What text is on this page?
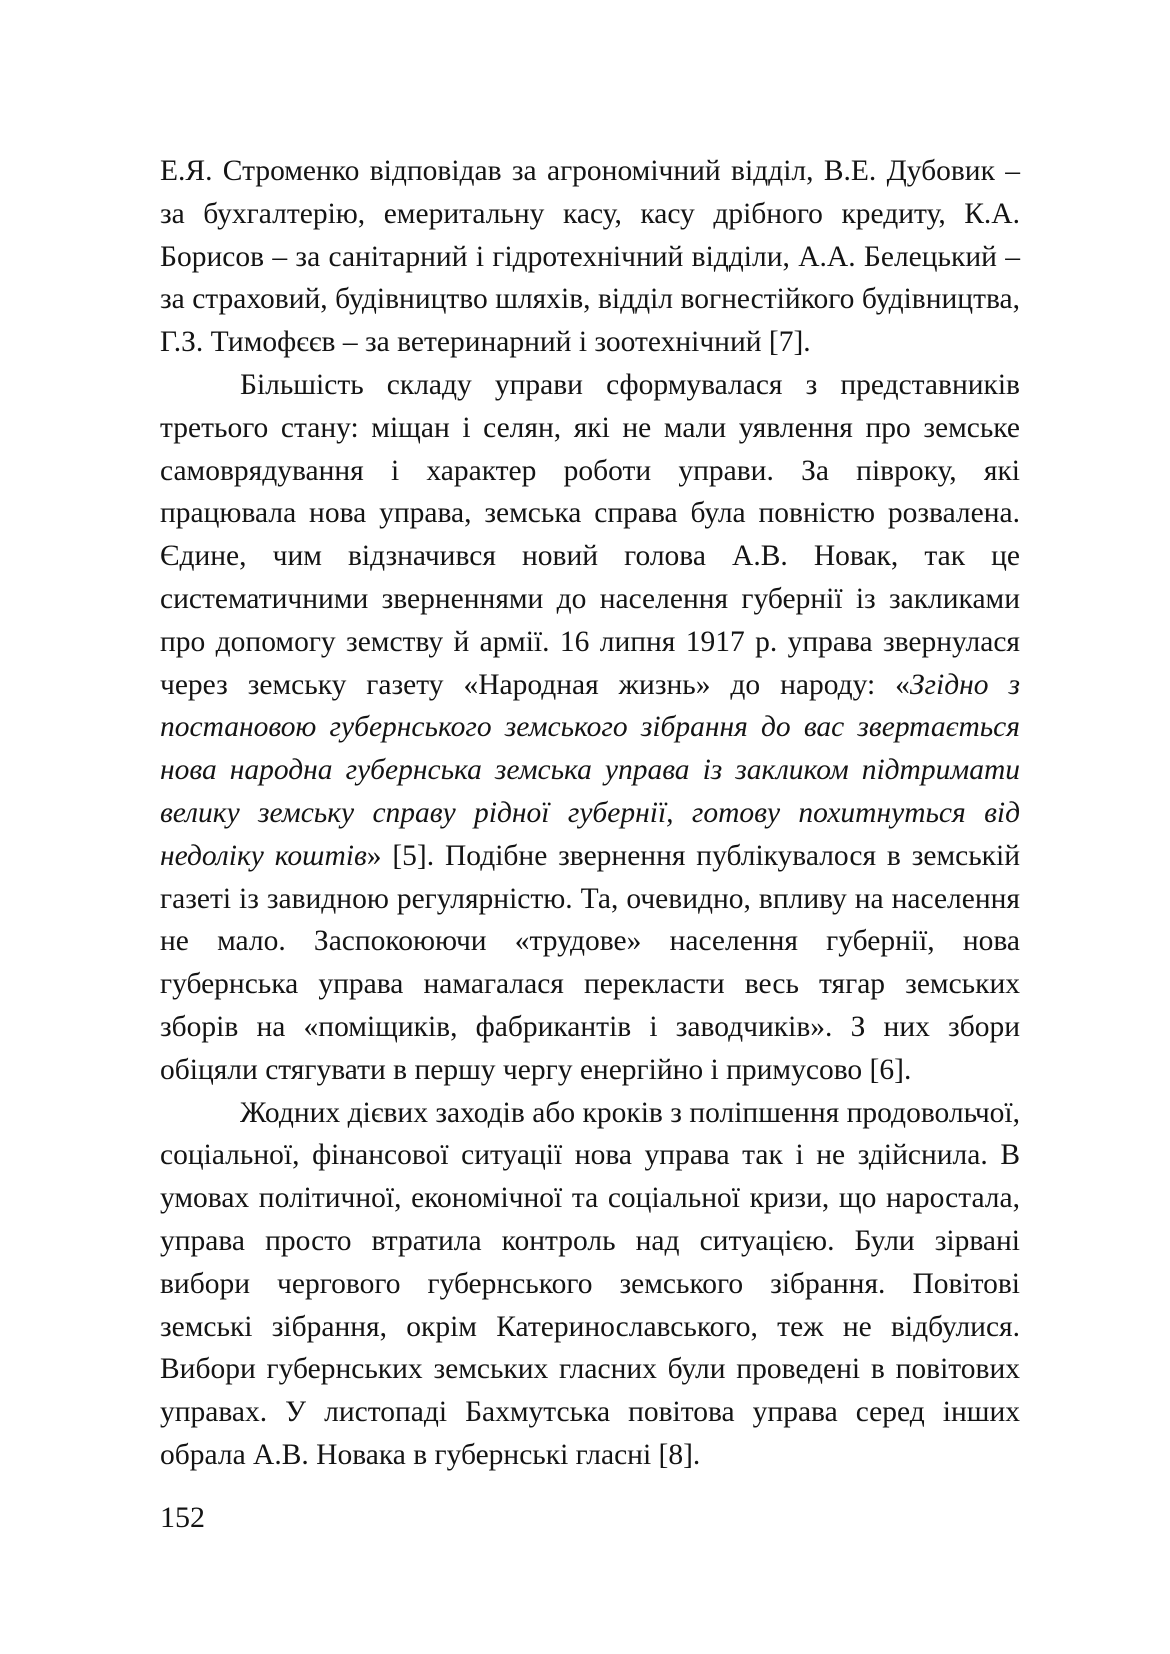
Е.Я. Строменко відповідав за агрономічний відділ, В.Е. Дубовик – за бухгалтерію, емеритальну касу, касу дрібного кредиту, К.А. Борисов – за санітарний і гідротехнічний відділи, А.А. Белецький – за страховий, будівництво шляхів, відділ вогнестійкого будівництва, Г.З. Тимофєєв – за ветеринарний і зоотехнічний [7].

Більшість складу управи сформувалася з представників третього стану: міщан і селян, які не мали уявлення про земське самоврядування і характер роботи управи. За півроку, які працювала нова управа, земська справа була повністю розвалена. Єдине, чим відзначився новий голова А.В. Новак, так це систематичними зверненнями до населення губернії із закликами про допомогу земству й армії. 16 липня 1917 р. управа звернулася через земську газету «Народная жизнь» до народу: «Згідно з постановою губернського земського зібрання до вас звертається нова народна губернська земська управа із закликом підтримати велику земську справу рідної губернії, готову похитнуться від недоліку коштів» [5]. Подібне звернення публікувалося в земській газеті із завидною регулярністю. Та, очевидно, впливу на населення не мало. Заспокоюючи «трудове» населення губернії, нова губернська управа намагалася перекласти весь тягар земських зборів на «поміщиків, фабрикантів і заводчиків». З них збори обіцяли стягувати в першу чергу енергійно і примусово [6].

Жодних дієвих заходів або кроків з поліпшення продовольчої, соціальної, фінансової ситуації нова управа так і не здійснила. В умовах політичної, економічної та соціальної кризи, що наростала, управа просто втратила контроль над ситуацією. Були зірвані вибори чергового губернського земського зібрання. Повітові земські зібрання, окрім Катеринославського, теж не відбулися. Вибори губернських земських гласних були проведені в повітових управах. У листопаді Бахмутська повітова управа серед інших обрала А.В. Новака в губернські гласні [8].

152
